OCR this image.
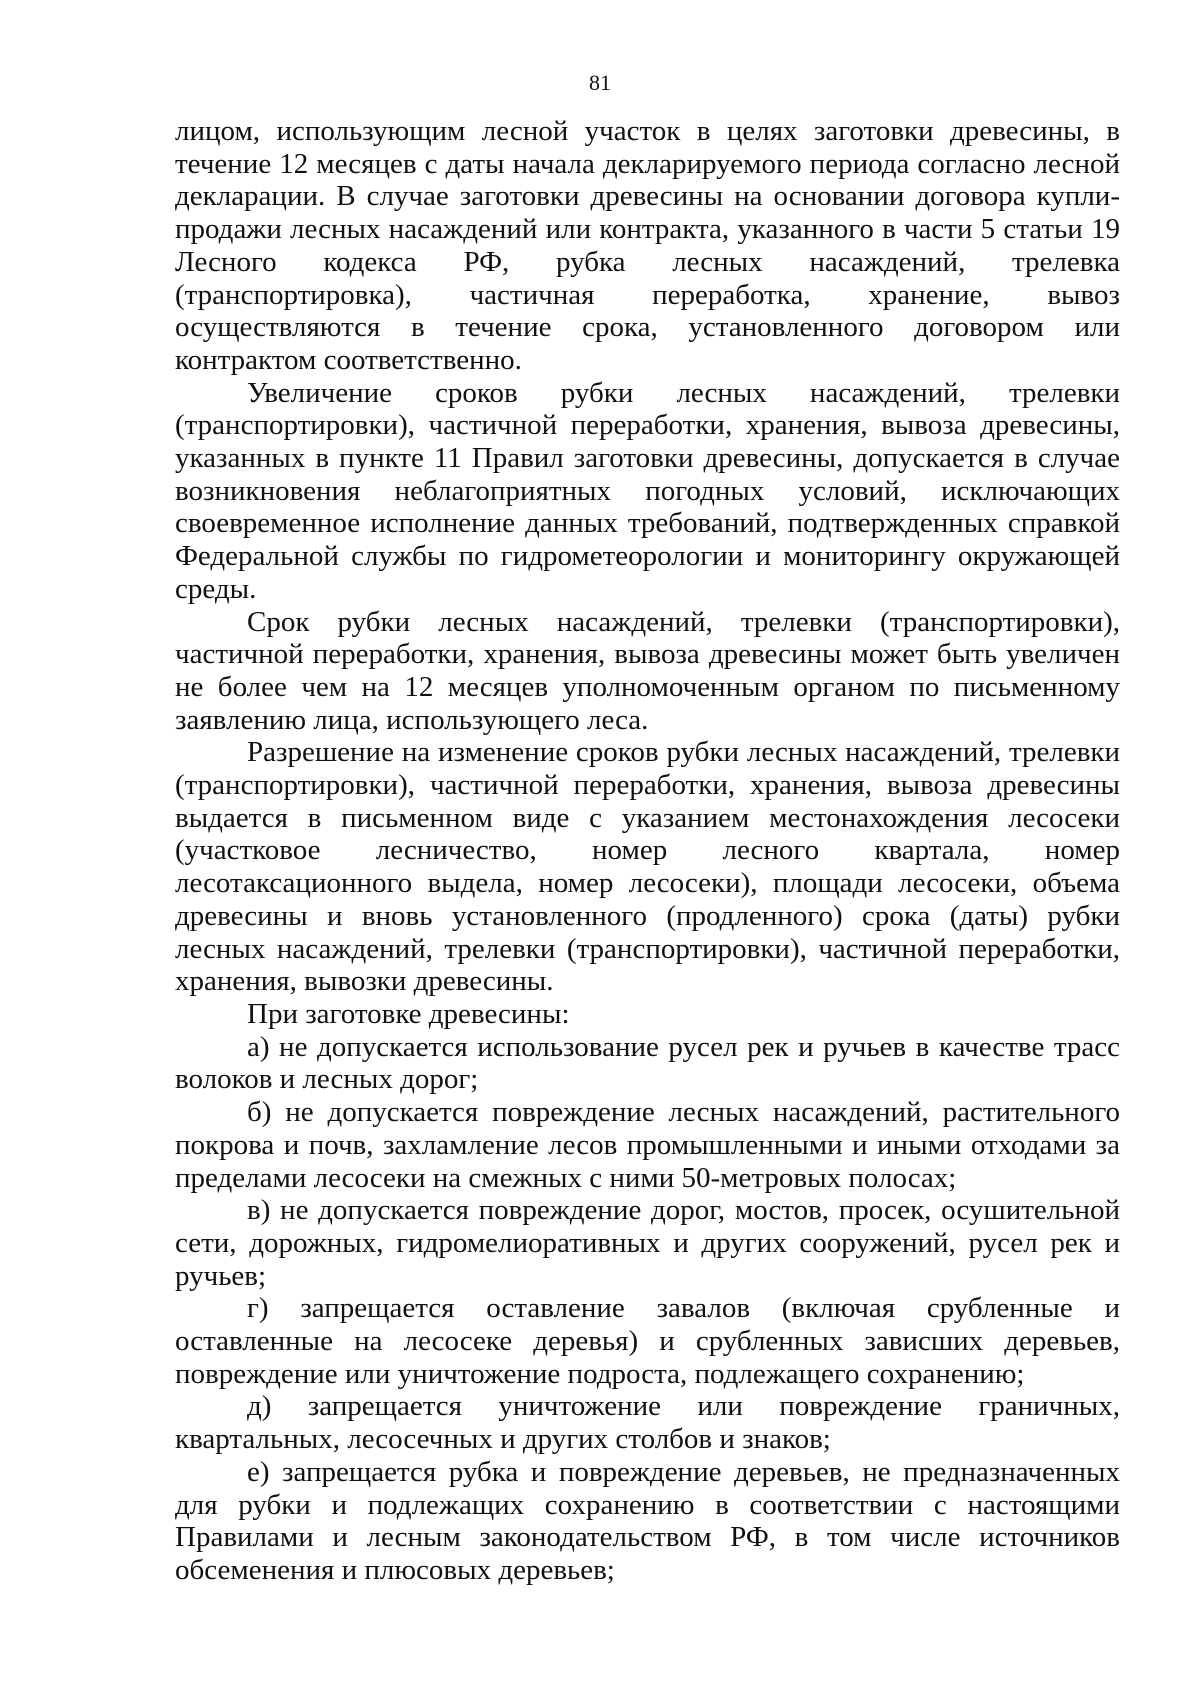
81

лицом, использующим лесной участок в целях заготовки древесины, в течение 12 месяцев с даты начала декларируемого периода согласно лесной декларации. В случае заготовки древесины на основании договора купли-продажи лесных насаждений или контракта, указанного в части 5 статьи 19 Лесного кодекса РФ, рубка лесных насаждений, трелевка (транспортировка), частичная переработка, хранение, вывоз осуществляются в течение срока, установленного договором или контрактом соответственно.

Увеличение сроков рубки лесных насаждений, трелевки (транспортировки), частичной переработки, хранения, вывоза древесины, указанных в пункте 11 Правил заготовки древесины, допускается в случае возникновения неблагоприятных погодных условий, исключающих своевременное исполнение данных требований, подтвержденных справкой Федеральной службы по гидрометеорологии и мониторингу окружающей среды.

Срок рубки лесных насаждений, трелевки (транспортировки), частичной переработки, хранения, вывоза древесины может быть увеличен не более чем на 12 месяцев уполномоченным органом по письменному заявлению лица, использующего леса.

Разрешение на изменение сроков рубки лесных насаждений, трелевки (транспортировки), частичной переработки, хранения, вывоза древесины выдается в письменном виде с указанием местонахождения лесосеки (участковое лесничество, номер лесного квартала, номер лесотаксационного выдела, номер лесосеки), площади лесосеки, объема древесины и вновь установленного (продленного) срока (даты) рубки лесных насаждений, трелевки (транспортировки), частичной переработки, хранения, вывозки древесины.

При заготовке древесины:

а) не допускается использование русел рек и ручьев в качестве трасс волоков и лесных дорог;

б) не допускается повреждение лесных насаждений, растительного покрова и почв, захламление лесов промышленными и иными отходами за пределами лесосеки на смежных с ними 50-метровых полосах;

в) не допускается повреждение дорог, мостов, просек, осушительной сети, дорожных, гидромелиоративных и других сооружений, русел рек и ручьев;

г) запрещается оставление завалов (включая срубленные и оставленные на лесосеке деревья) и срубленных зависших деревьев, повреждение или уничтожение подроста, подлежащего сохранению;

д) запрещается уничтожение или повреждение граничных, квартальных, лесосечных и других столбов и знаков;

е) запрещается рубка и повреждение деревьев, не предназначенных для рубки и подлежащих сохранению в соответствии с настоящими Правилами и лесным законодательством РФ, в том числе источников обсеменения и плюсовых деревьев;
